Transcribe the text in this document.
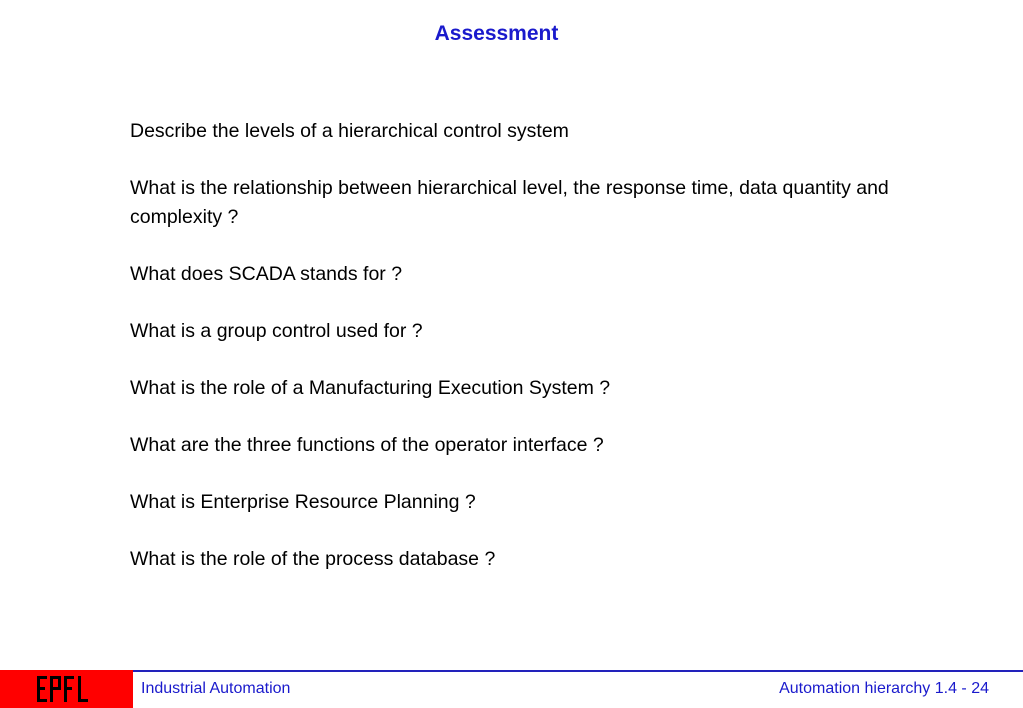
Assessment

Describe the levels of a hierarchical control system

What is the relationship between hierarchical level, the response time, data quantity and complexity ?

What does SCADA stands for ?

What is a group control used for ?

What is the role of a Manufacturing Execution System ?

What are the three functions of the operator interface ?

What is Enterprise Resource Planning ?

What is the role of the process database ?

Industrial Automation	Automation hierarchy 1.4 - 24
